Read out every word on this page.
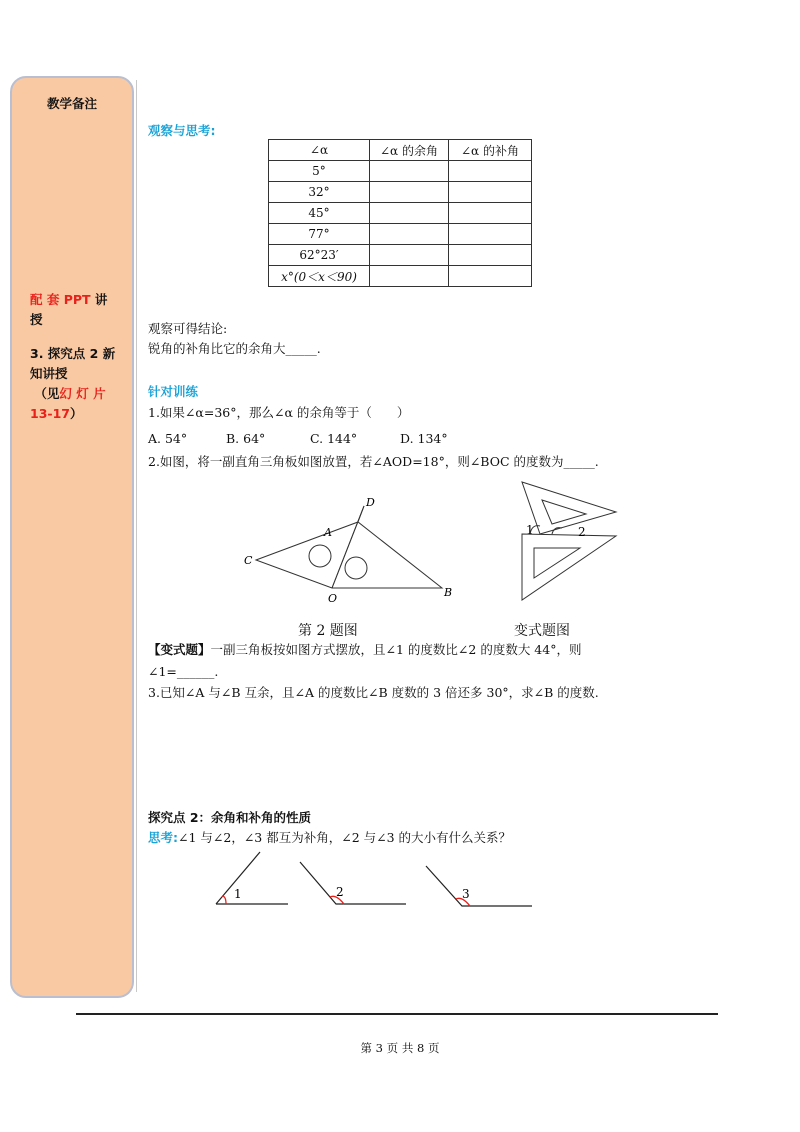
教学备注
配 套 PPT 讲
授
3. 探究点 2 新
知讲授
（见幻 灯 片
13-17）
观察与思考:
∠α	∠α 的余角	∠α 的补角
5°		
32°		
45°		
77°		
62°23′		
x°(0＜x＜90)		
观察可得结论:
锐角的补角比它的余角大_____.
针对训练
1.如果∠α=36°，那么∠α 的余角等于（　　）
A. 54°	B. 64°	C. 144°	D. 134°
2.如图，将一副直角三角板如图放置，若∠AOD=18°，则∠BOC 的度数为_____.
C
A
D
O	B
1	2
第 2 题图	变式题图
【变式题】一副三角板按如图方式摆放，且∠1 的度数比∠2 的度数大 44°，则
∠1=______.
3.已知∠A 与∠B 互余，且∠A 的度数比∠B 度数的 3 倍还多 30°，求∠B 的度数.
探究点 2：余角和补角的性质
思考:∠1 与∠2，∠3 都互为补角，∠2 与∠3 的大小有什么关系？
1	2	3
第 3 页 共 8 页
